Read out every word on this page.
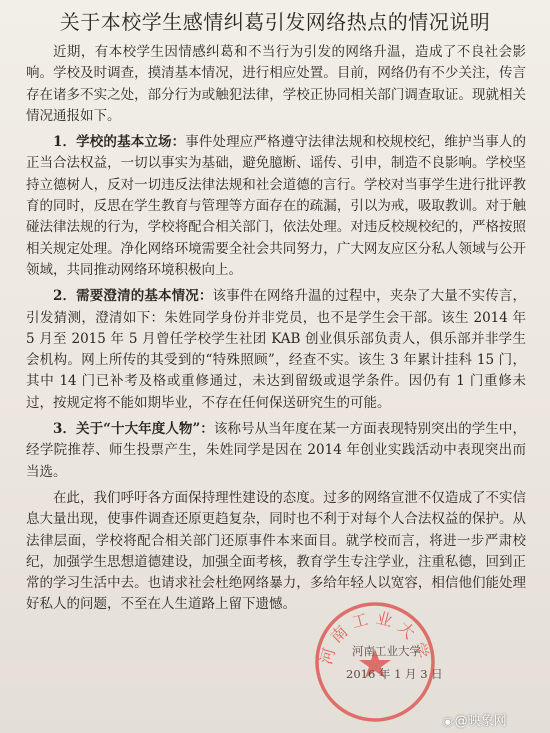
关于本校学生感情纠葛引发网络热点的情况说明

近期，有本校学生因情感纠葛和不当行为引发的网络升温，造成了不良社会影响。学校及时调查，摸清基本情况，进行相应处置。目前，网络仍有不少关注，传言存在诸多不实之处，部分行为或触犯法律，学校正协同相关部门调查取证。现就相关情况通报如下。

1．学校的基本立场：事件处理应严格遵守法律法规和校规校纪，维护当事人的正当合法权益，一切以事实为基础，避免臆断、谣传、引申，制造不良影响。学校坚持立德树人，反对一切违反法律法规和社会道德的言行。学校对当事学生进行批评教育的同时，反思在学生教育与管理等方面存在的疏漏，引以为戒，吸取教训。对于触碰法律法规的行为，学校将配合相关部门，依法处理。对违反校规校纪的，严格按照相关规定处理。净化网络环境需要全社会共同努力，广大网友应区分私人领域与公开领域，共同推动网络环境积极向上。

2．需要澄清的基本情况：该事件在网络升温的过程中，夹杂了大量不实传言，引发猜测，澄清如下：朱姓同学身份并非党员，也不是学生会干部。该生 2014 年 5 月至 2015 年 5 月曾任学校学生社团 KAB 创业俱乐部负责人，俱乐部并非学生会机构。网上所传的其受到的“特殊照顾”，经查不实。该生 3 年累计挂科 15 门，其中 14 门已补考及格或重修通过，未达到留级或退学条件。因仍有 1 门重修未过，按规定将不能如期毕业，不存在任何保送研究生的可能。

3．关于“十大年度人物”：该称号从当年度在某一方面表现特别突出的学生中，经学院推荐、师生投票产生，朱姓同学是因在 2014 年创业实践活动中表现突出而当选。

在此，我们呼吁各方面保持理性建设的态度。过多的网络宣泄不仅造成了不实信息大量出现，使事件调查还原更趋复杂，同时也不利于对每个人合法权益的保护。从法律层面，学校将配合相关部门还原事件本来面目。就学校而言，将进一步严肃校纪，加强学生思想道德建设，加强全面考核，教育学生专注学业，注重私德，回到正常的学习生活中去。也请求社会杜绝网络暴力，多给年轻人以宽容，相信他们能处理好私人的问题，不至在人生道路上留下遗憾。

河南工业大学
河南工业大学
2016 年 1 月 3 日
◉ @映象网
